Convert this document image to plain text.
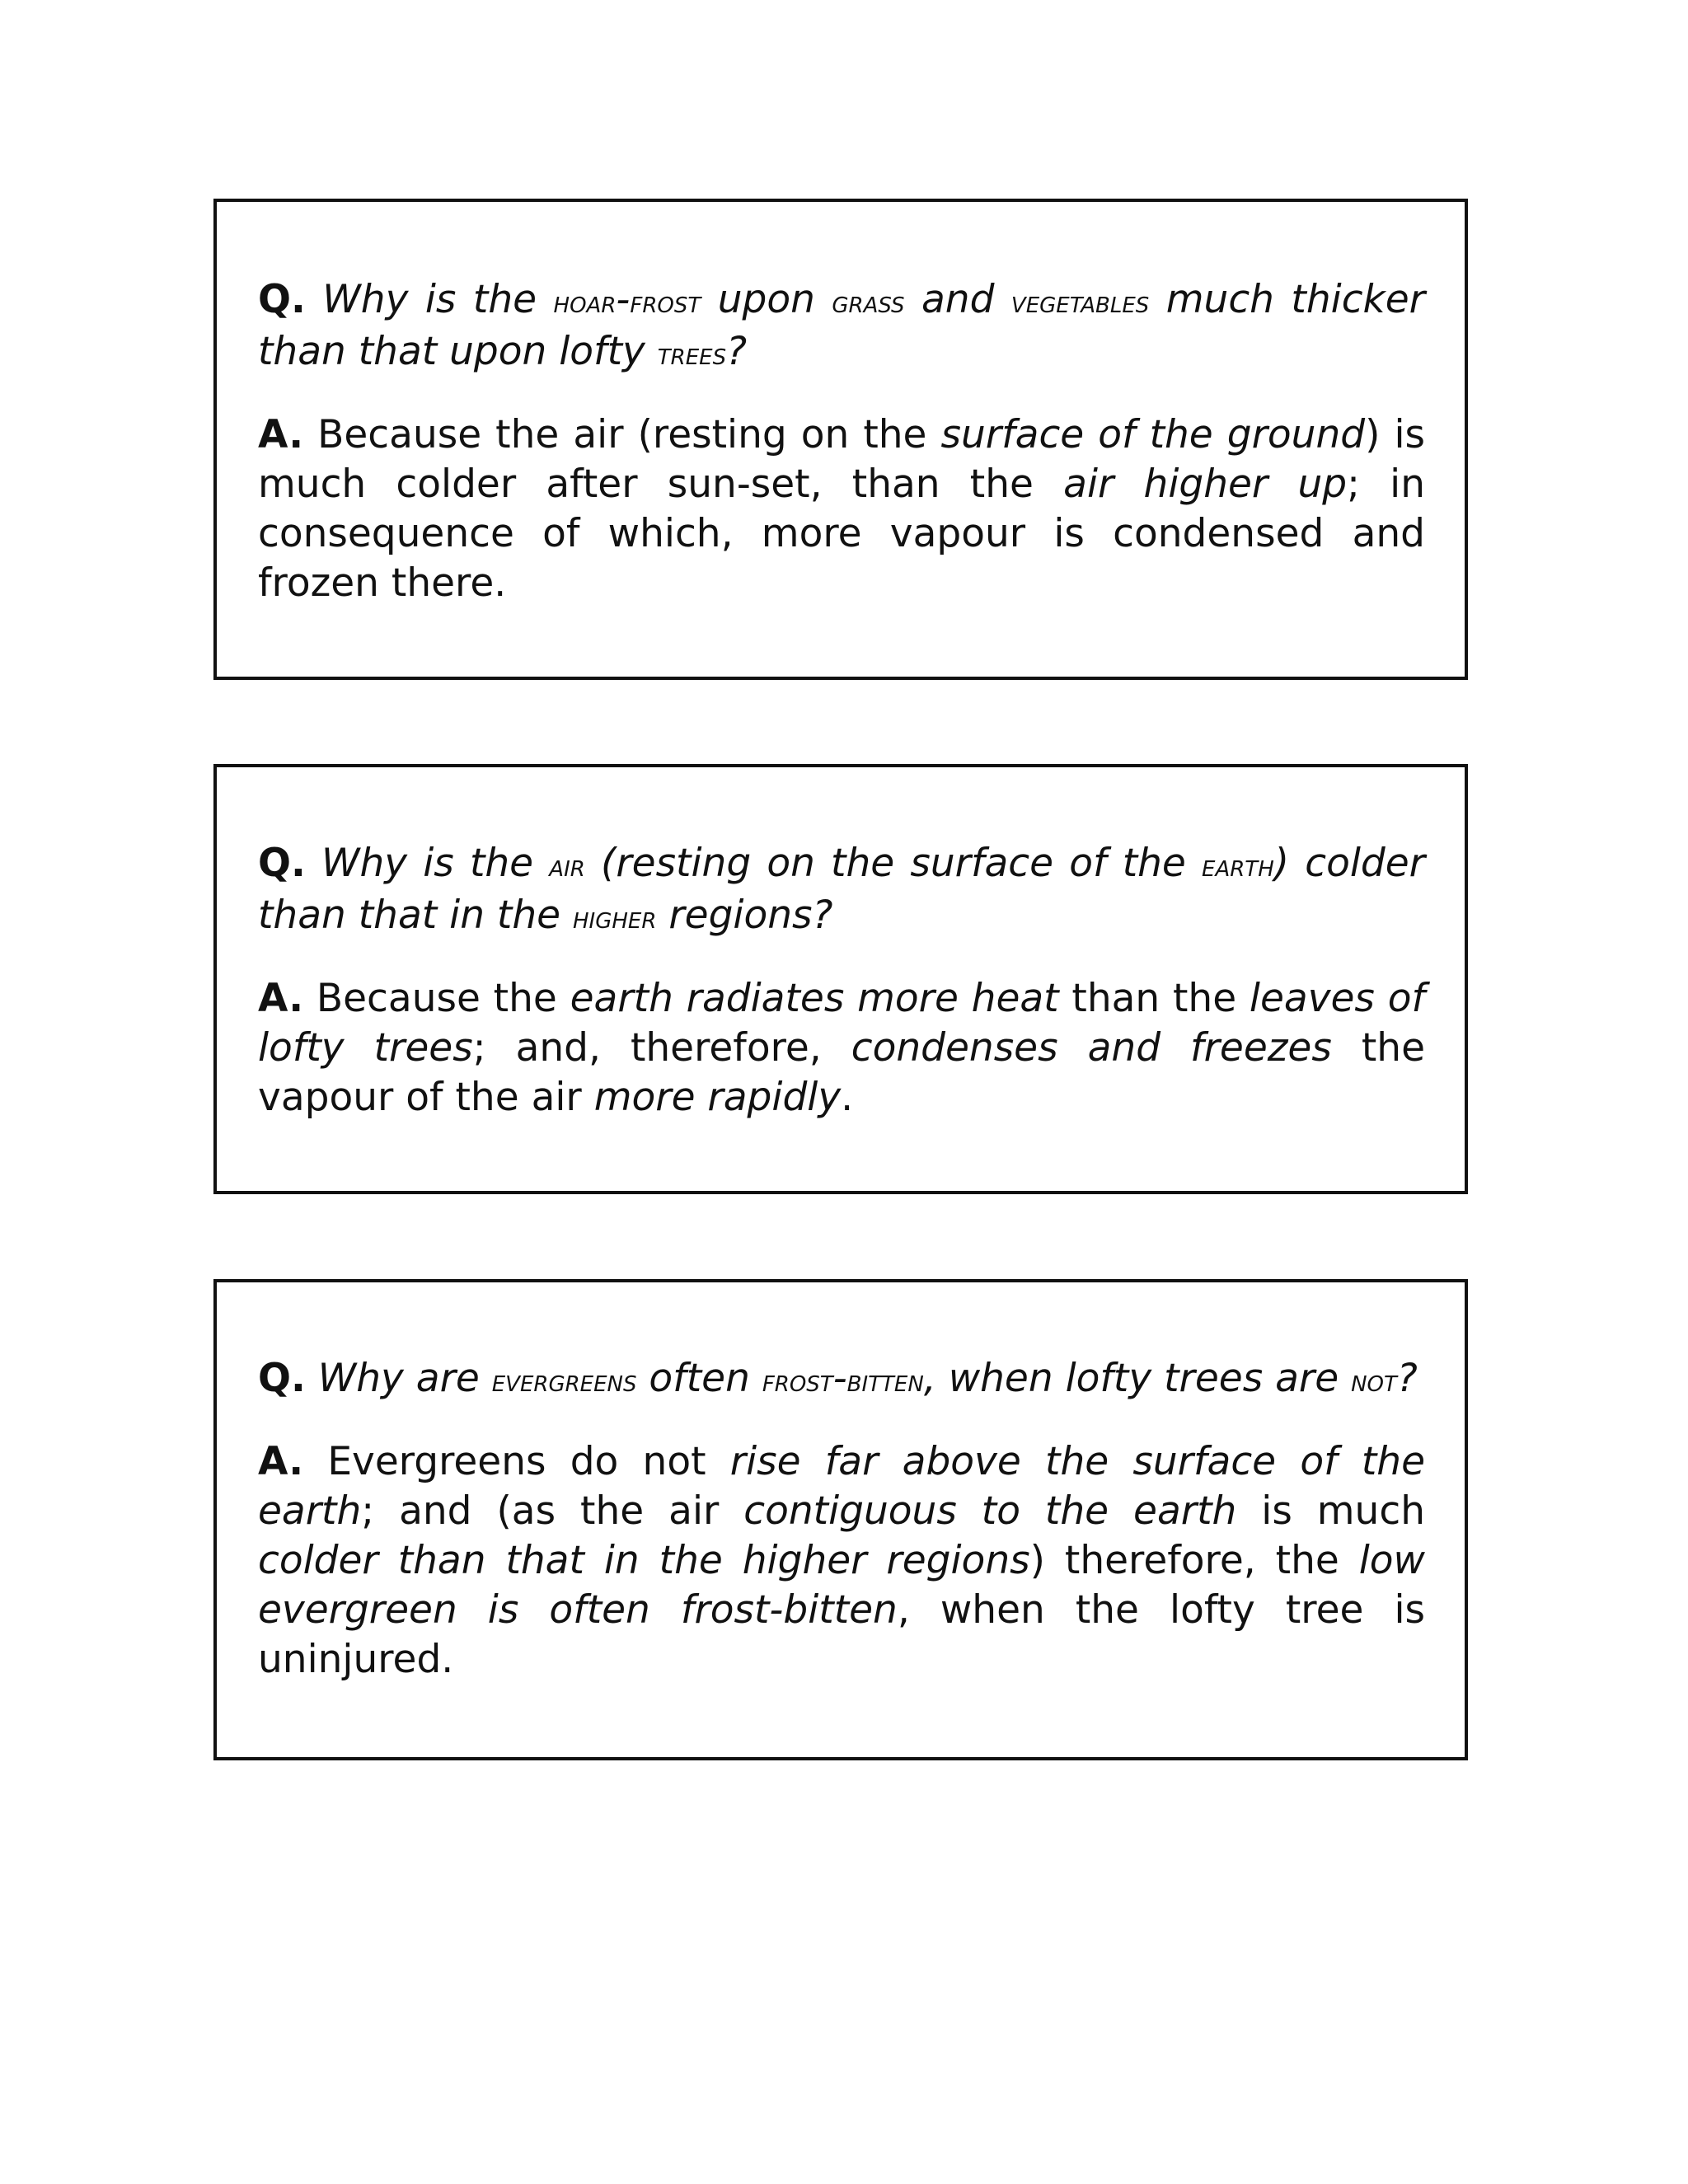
Q. Why is the hoar-frost upon grass and vegetables much thicker than that upon lofty trees?

A. Because the air (resting on the surface of the ground) is much colder after sun-set, than the air higher up; in consequence of which, more vapour is condensed and frozen there.

Q. Why is the air (resting on the surface of the earth) colder than that in the higher regions?

A. Because the earth radiates more heat than the leaves of lofty trees; and, therefore, condenses and freezes the vapour of the air more rapidly.

Q. Why are evergreens often frost-bitten, when lofty trees are not?

A. Evergreens do not rise far above the surface of the earth; and (as the air contiguous to the earth is much colder than that in the higher regions) therefore, the low evergreen is often frost-bitten, when the lofty tree is uninjured.
